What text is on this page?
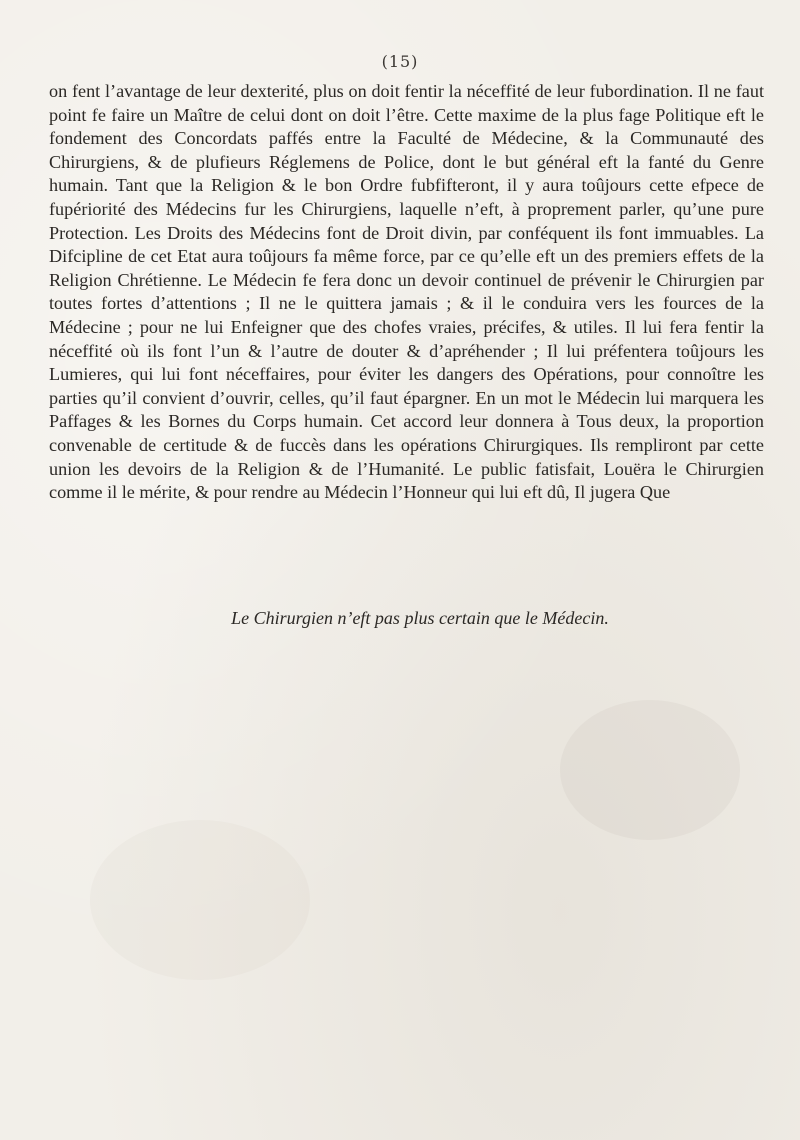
(15)

on fent l’avantage de leur dexterité, plus on doit fentir la néceffité de leur fubordination. Il ne faut point fe faire un Maître de celui dont on doit l’être. Cette maxime de la plus fage Politique eft le fondement des Concordats paffés entre la Faculté de Médecine, & la Communauté des Chirurgiens, & de plufieurs Réglemens de Police, dont le but général eft la fanté du Genre humain. Tant que la Religion & le bon Ordre fubfifteront, il y aura toûjours cette efpece de fupériorité des Médecins fur les Chirurgiens, laquelle n’eft, à proprement parler, qu’une pure Protection. Les Droits des Médecins font de Droit divin, par conféquent ils font immuables. La Difcipline de cet Etat aura toûjours fa même force, par ce qu’elle eft un des premiers effets de la Religion Chrétienne. Le Médecin fe fera donc un devoir continuel de prévenir le Chirurgien par toutes fortes d’attentions ; Il ne le quittera jamais ; & il le conduira vers les fources de la Médecine ; pour ne lui Enfeigner que des chofes vraies, précifes, & utiles. Il lui fera fentir la néceffité où ils font l’un & l’autre de douter & d’apréhender ; Il lui préfentera toûjours les Lumieres, qui lui font néceffaires, pour éviter les dangers des Opérations, pour connoître les parties qu’il convient d’ouvrir, celles, qu’il faut épargner. En un mot le Médecin lui marquera les Paffages & les Bornes du Corps humain. Cet accord leur donnera à Tous deux, la proportion convenable de certitude & de fuccès dans les opérations Chirurgiques. Ils rempliront par cette union les devoirs de la Religion & de l’Humanité. Le public fatisfait, Louëra le Chirurgien comme il le mérite, & pour rendre au Médecin l’Honneur qui lui eft dû, Il jugera Que

Le Chirurgien n’eft pas plus certain que le Médecin.
